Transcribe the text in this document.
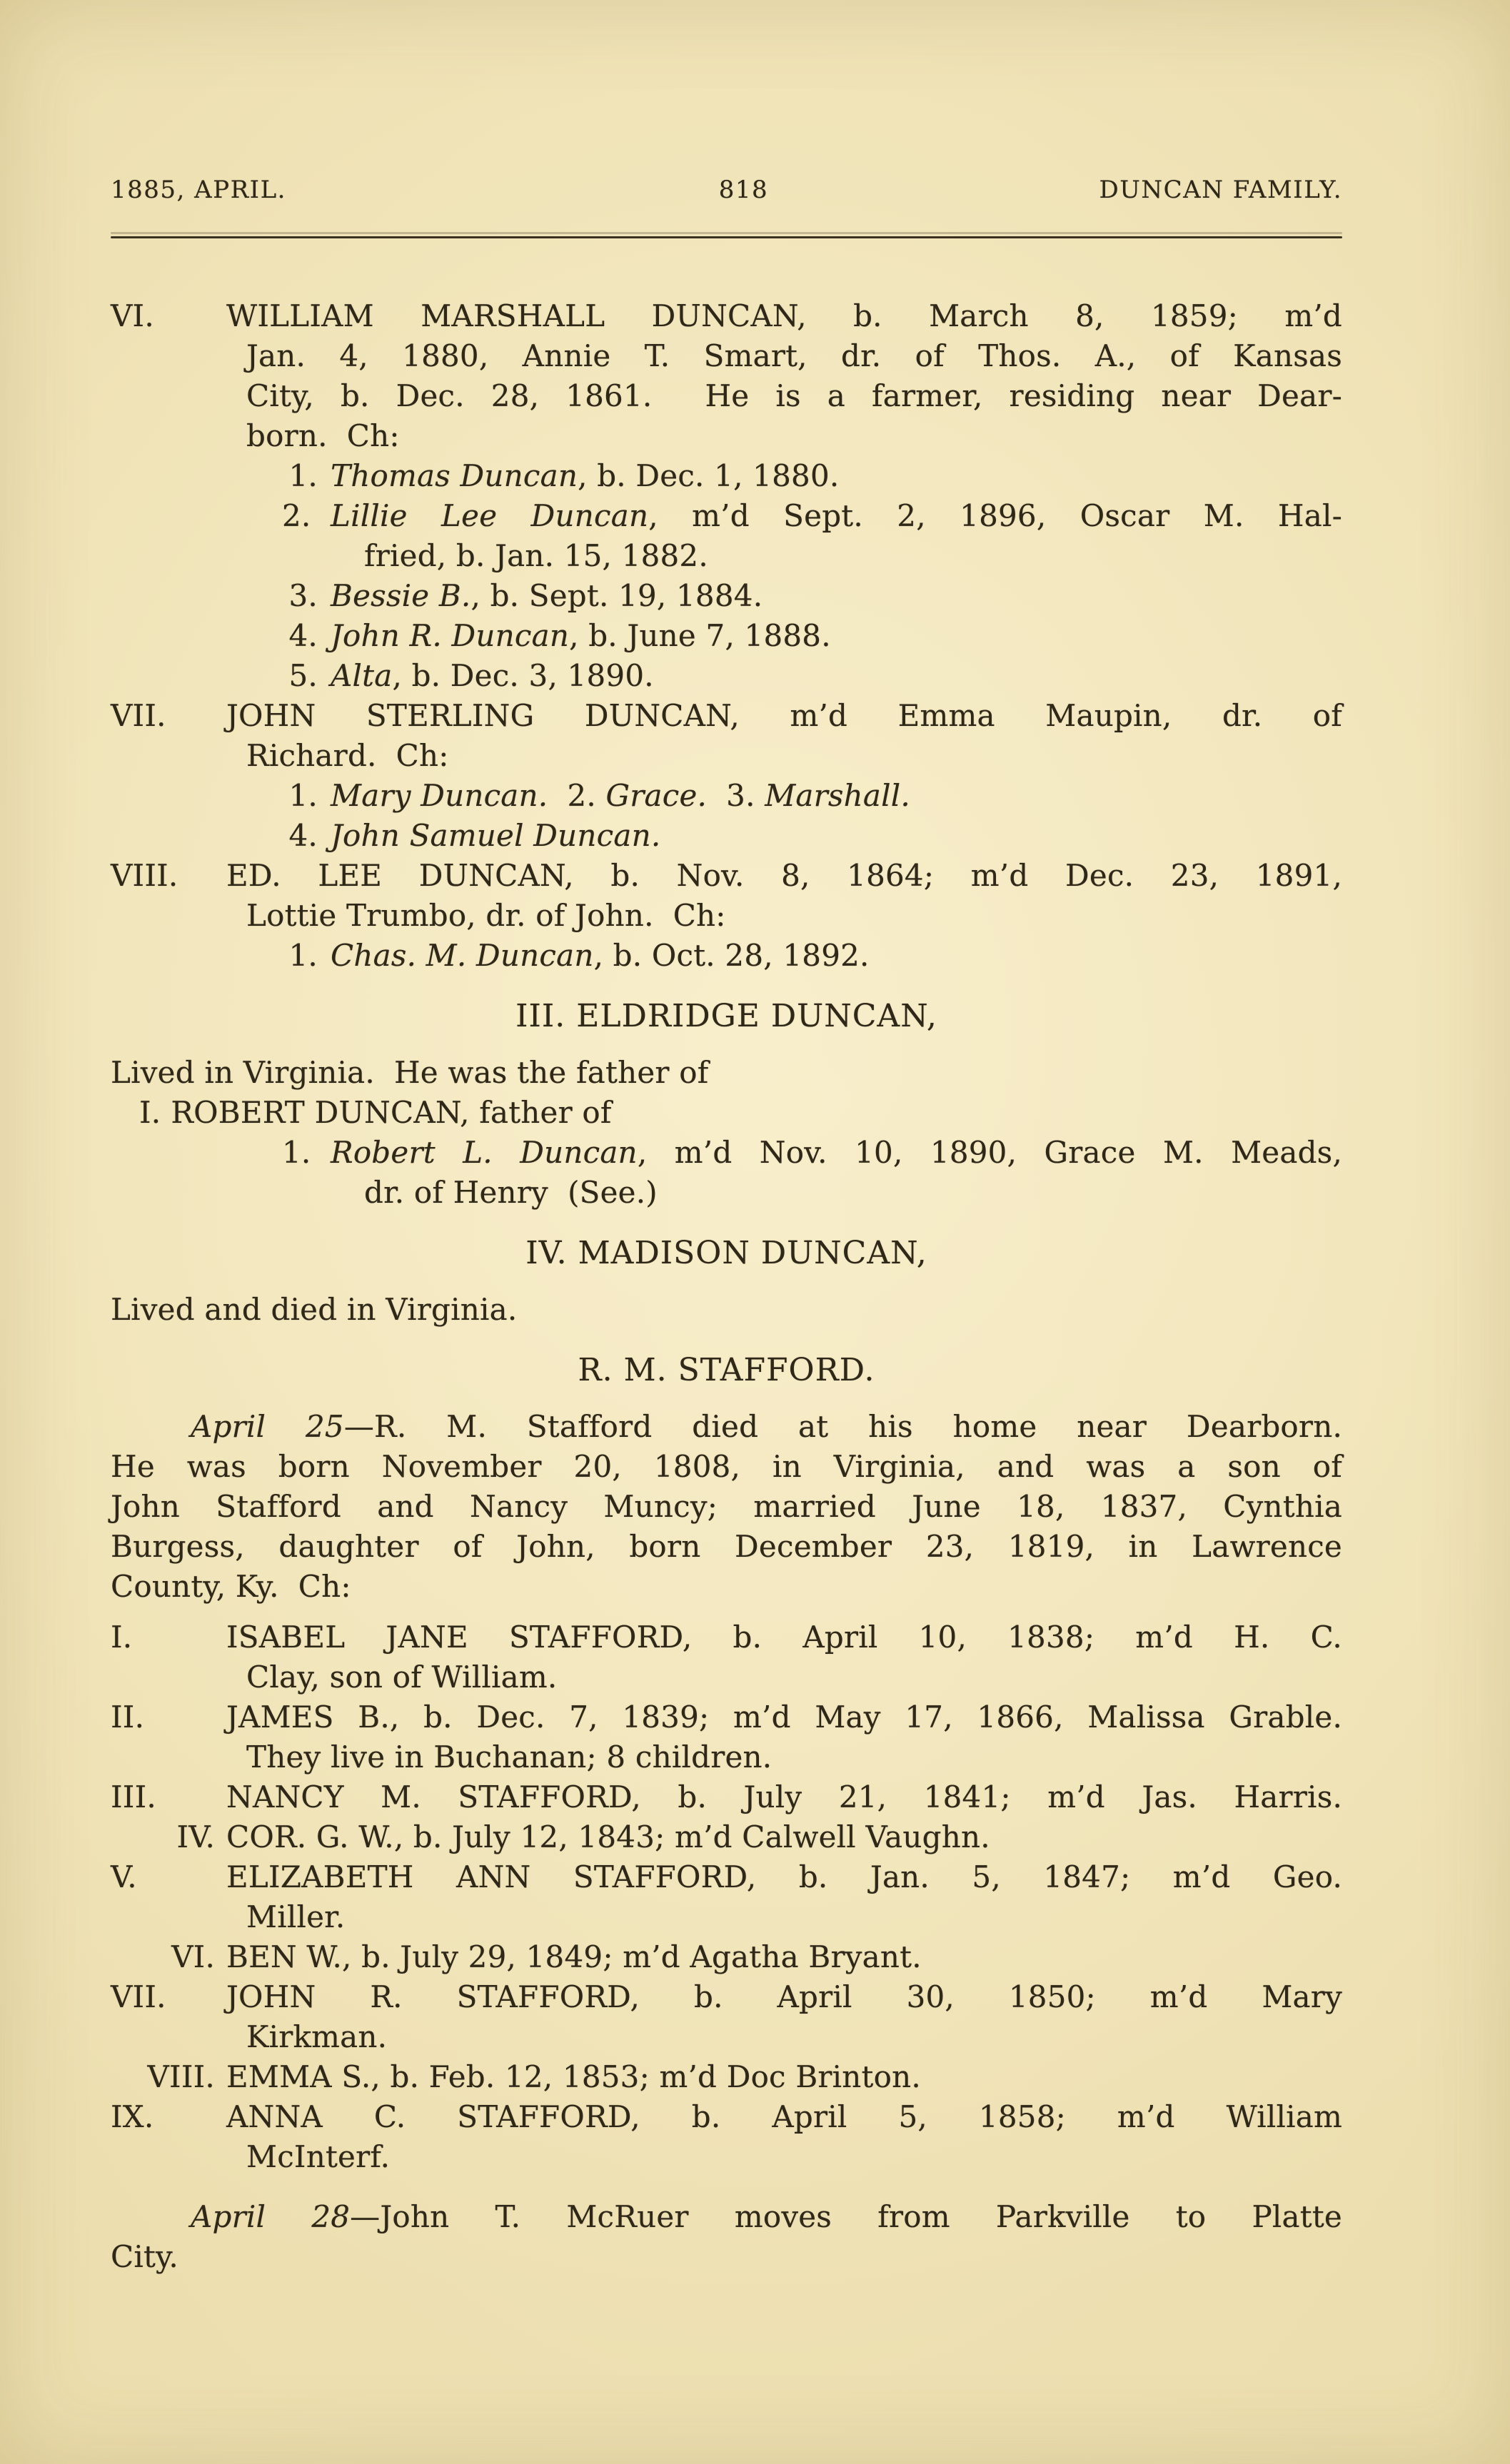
1885, APRIL.	818	DUNCAN FAMILY.
VI. WILLIAM MARSHALL DUNCAN, b. March 8, 1859; m’d
Jan. 4, 1880, Annie T. Smart, dr. of Thos. A., of Kansas
City, b. Dec. 28, 1861.  He is a farmer, residing near Dear-
born.  Ch:
1. Thomas Duncan, b. Dec. 1, 1880.
2. Lillie Lee Duncan, m’d Sept. 2, 1896, Oscar M. Hal-
fried, b. Jan. 15, 1882.
3. Bessie B., b. Sept. 19, 1884.
4. John R. Duncan, b. June 7, 1888.
5. Alta, b. Dec. 3, 1890.
VII. JOHN STERLING DUNCAN, m’d Emma Maupin, dr. of
Richard.  Ch:
1. Mary Duncan.  2. Grace.  3. Marshall.
4. John Samuel Duncan.
VIII. ED. LEE DUNCAN, b. Nov. 8, 1864; m’d Dec. 23, 1891,
Lottie Trumbo, dr. of John.  Ch:
1. Chas. M. Duncan, b. Oct. 28, 1892.
III. ELDRIDGE DUNCAN,
Lived in Virginia.  He was the father of
I. ROBERT DUNCAN, father of
1. Robert L. Duncan, m’d Nov. 10, 1890, Grace M. Meads,
dr. of Henry  (See.)
IV. MADISON DUNCAN,
Lived and died in Virginia.
R. M. STAFFORD.
April 25—R. M. Stafford died at his home near Dearborn.
He was born November 20, 1808, in Virginia, and was a son of
John Stafford and Nancy Muncy; married June 18, 1837, Cynthia
Burgess, daughter of John, born December 23, 1819, in Lawrence
County, Ky.  Ch:
I.	ISABEL JANE STAFFORD, b. April 10, 1838; m’d H. C.
Clay, son of William.
II.	JAMES B., b. Dec. 7, 1839; m’d May 17, 1866, Malissa Grable.
They live in Buchanan; 8 children.
III. NANCY M. STAFFORD, b. July 21, 1841; m’d Jas. Harris.
IV. COR. G. W., b. July 12, 1843; m’d Calwell Vaughn.
V.	ELIZABETH ANN STAFFORD, b. Jan. 5, 1847; m’d Geo.
Miller.
VI. BEN W., b. July 29, 1849; m’d Agatha Bryant.
VII. JOHN R. STAFFORD, b. April 30, 1850; m’d Mary
Kirkman.
VIII. EMMA S., b. Feb. 12, 1853; m’d Doc Brinton.
IX. ANNA C. STAFFORD, b. April 5, 1858; m’d William
McInterf.
April 28—John T. McRuer moves from Parkville to Platte
City.
